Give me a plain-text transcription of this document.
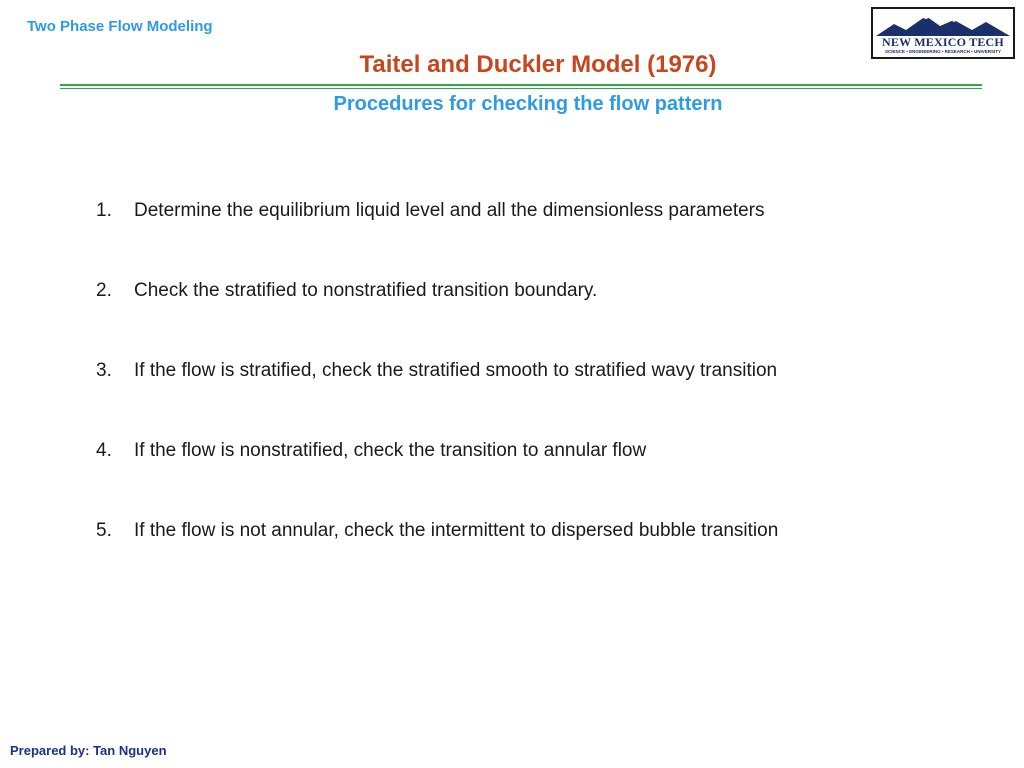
Two Phase Flow Modeling
Taitel and Duckler Model (1976)
Procedures for checking the flow pattern
NEW MEXICO TECH
SCIENCE • ENGINEERING • RESEARCH • UNIVERSITY
1.	Determine the equilibrium liquid level and all the dimensionless parameters
2.	Check the stratified to nonstratified transition boundary.
3.	If the flow is stratified, check the stratified smooth to stratified wavy transition
4.	If the flow is nonstratified, check the transition to annular flow
5.	If the flow is not annular, check the intermittent to dispersed bubble transition
Prepared by: Tan Nguyen
